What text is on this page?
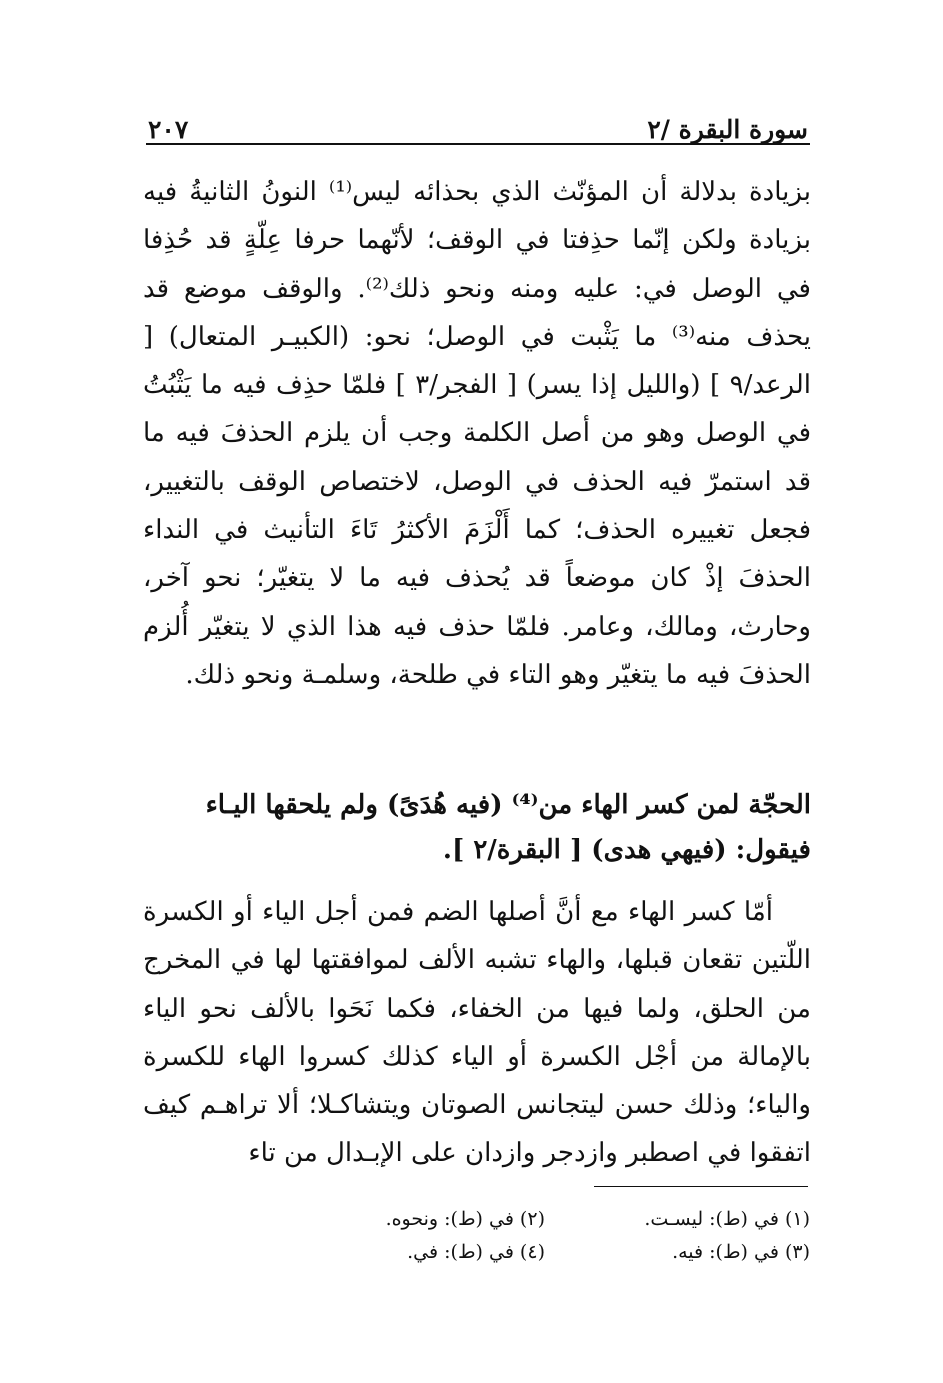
سورة البقرة /٢
٢٠٧
بزيادة بدلالة أن المؤنّث الذي بحذائه ليس⁽¹⁾ النونُ الثانيةُ فيه بزيادة ولكن إنّما حذِفتا في الوقف؛ لأنّهما حرفا عِلّةٍ قد حُذِفا في الوصل في: عليه ومنه ونحو ذلك⁽²⁾. والوقف موضع قد يحذف منه⁽³⁾ ما يَثْبت في الوصل؛ نحو: (الكبيـر المتعال) [ الرعد/٩ ] (والليل إذا يسر) [ الفجر/٣ ] فلمّا حذِف فيه ما يَثْبُتُ في الوصل وهو من أصل الكلمة وجب أن يلزم الحذفَ فيه ما قد استمرّ فيه الحذف في الوصل، لاختصاص الوقف بالتغيير، فجعل تغييره الحذف؛ كما أَلْزَمَ الأكثرُ تَاءَ التأنيث في النداء الحذفَ إذْ كان موضعاً قد يُحذف فيه ما لا يتغيّر؛ نحو آخر، وحارث، ومالك، وعامر. فلمّا حذف فيه هذا الذي لا يتغيّر أُلزم الحذفَ فيه ما يتغيّر وهو التاء في طلحة، وسلمـة ونحو ذلك.
الحجّة لمن كسر الهاء من⁽⁴⁾ (فيه هُدَىً) ولم يلحقها اليـاء فيقول: (فيهي هدى) [ البقرة/٢ ].
أمّا كسر الهاء مع أنَّ أصلها الضم فمن أجل الياء أو الكسرة اللّتين تقعان قبلها، والهاء تشبه الألف لموافقتها لها في المخرج من الحلق، ولما فيها من الخفاء، فكما نَحَوا بالألف نحو الياء بالإمالة من أجْل الكسرة أو الياء كذلك كسروا الهاء للكسرة والياء؛ وذلك حسن ليتجانس الصوتان ويتشاكـلا؛ ألا تراهـم كيف اتفقوا في اصطبر وازدجر وازدان على الإبـدال من تاء
(١) في (ط): ليسـت.
(٢) في (ط): ونحوه.
(٣) في (ط): فيه.
(٤) في (ط): في.
